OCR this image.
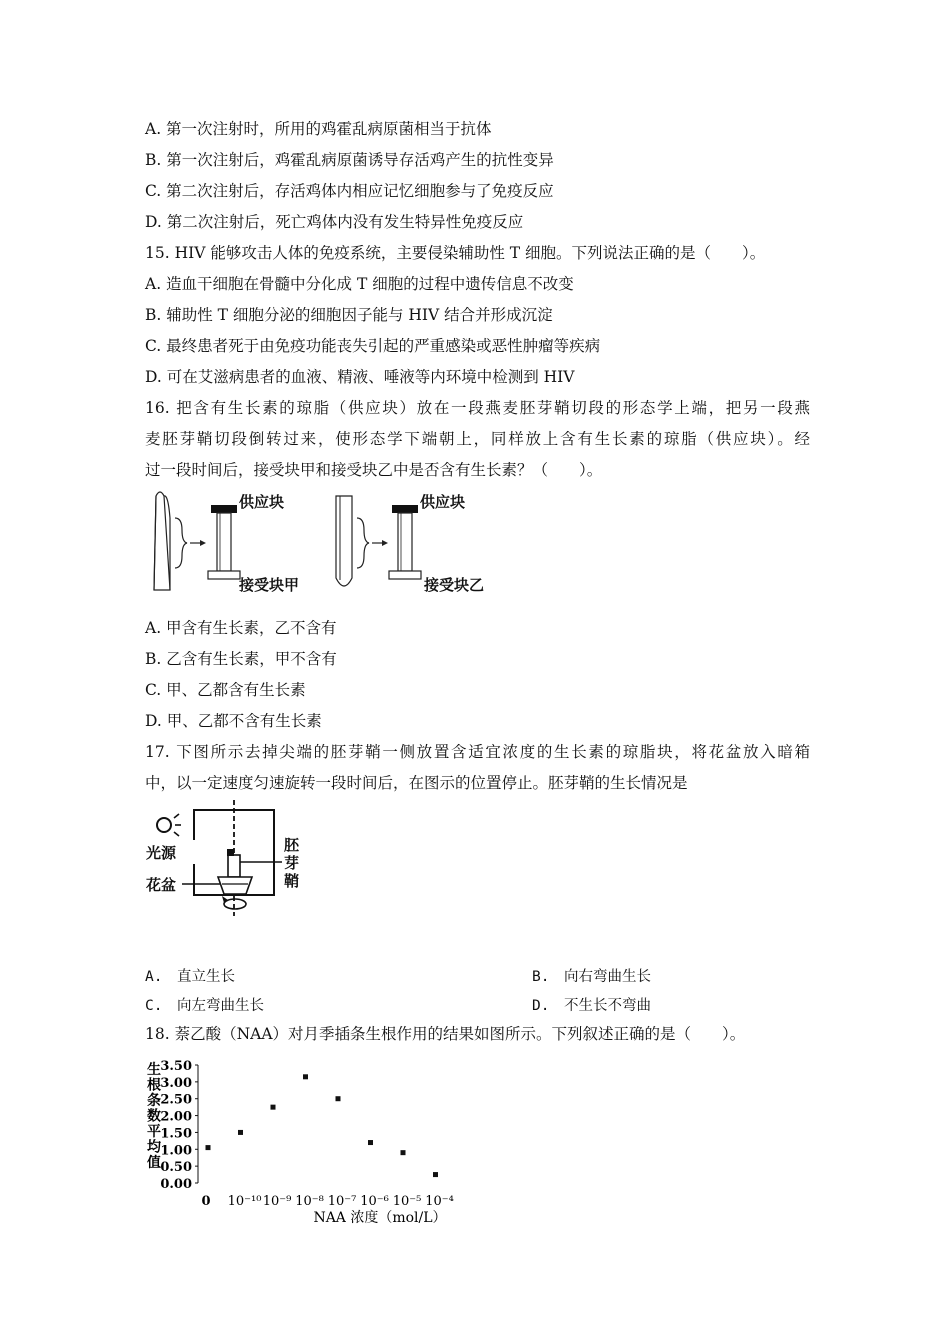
A. 第一次注射时，所用的鸡霍乱病原菌相当于抗体
B. 第一次注射后，鸡霍乱病原菌诱导存活鸡产生的抗性变异
C. 第二次注射后，存活鸡体内相应记忆细胞参与了免疫反应
D. 第二次注射后，死亡鸡体内没有发生特异性免疫反应
15. HIV 能够攻击人体的免疫系统，主要侵染辅助性 T 细胞。下列说法正确的是（　　）。
A. 造血干细胞在骨髓中分化成 T 细胞的过程中遗传信息不改变
B. 辅助性 T 细胞分泌的细胞因子能与 HIV 结合并形成沉淀
C. 最终患者死于由免疫功能丧失引起的严重感染或恶性肿瘤等疾病
D. 可在艾滋病患者的血液、精液、唾液等内环境中检测到 HIV
16. 把含有生长素的琼脂（供应块）放在一段燕麦胚芽鞘切段的形态学上端，把另一段燕
麦胚芽鞘切段倒转过来，使形态学下端朝上，同样放上含有生长素的琼脂（供应块）。经
过一段时间后，接受块甲和接受块乙中是否含有生长素？（　　）。
供应块
接受块甲
供应块
接受块乙
A. 甲含有生长素，乙不含有
B. 乙含有生长素，甲不含有
C. 甲、乙都含有生长素
D. 甲、乙都不含有生长素
17. 下图所示去掉尖端的胚芽鞘一侧放置含适宜浓度的生长素的琼脂块，将花盆放入暗箱
中，以一定速度匀速旋转一段时间后，在图示的位置停止。胚芽鞘的生长情况是
光源
花盆
胚 芽 鞘
A.　直立生长	B.　向右弯曲生长
C.　向左弯曲生长	D.　不生长不弯曲
18. 萘乙酸（NAA）对月季插条生根作用的结果如图所示。下列叙述正确的是（　　）。
生
根
条
数
平
均
值
0.00
0.50
1.00
1.50
2.00
2.50
3.00
3.50
0 10⁻¹⁰ 10⁻⁹ 10⁻⁸ 10⁻⁷ 10⁻⁶ 10⁻⁵ 10⁻⁴
NAA 浓度（mol/L）
